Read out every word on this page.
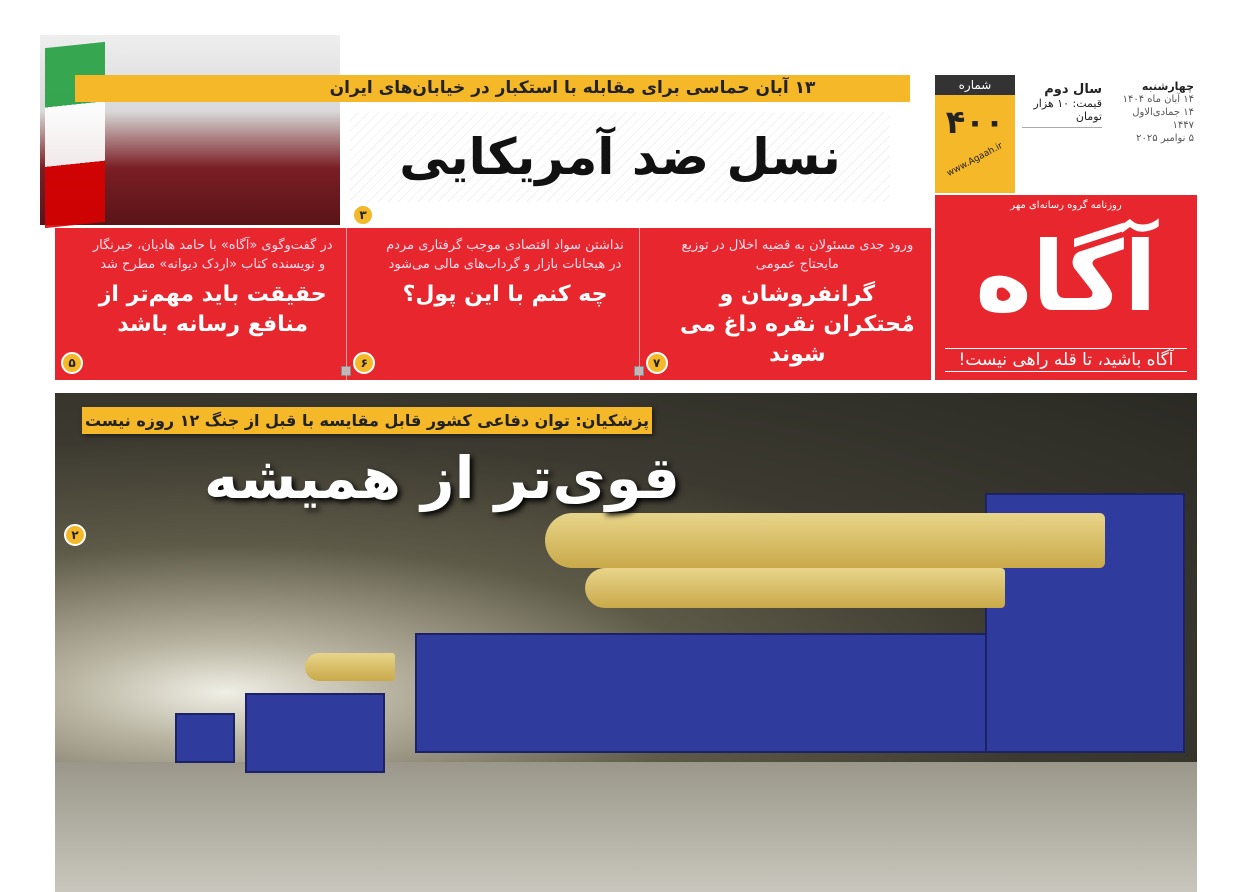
۱۳ آبان حماسی برای مقابله با استکبار در خیابان‌های ایران
نسل ضد آمریکایی
۳
شماره
۴۰۰
www.Agaah.ir
سال دوم
قیمت: ۱۰ هزار تومان
چهارشنبه
۱۴ آبان ماه ۱۴۰۴
۱۴ جمادی‌الاول ۱۴۴۷
۵ نوامبر ۲۰۲۵
روزنامه گروه رسانه‌ای مهر
آگاه
آگاه باشید، تا قله راهی نیست!
ورود جدی مسئولان به قضیه اخلال در توزیع مایحتاج عمومی
گرانفروشان و مُحتکران نقره داغ می شوند
۷
نداشتن سواد اقتصادی موجب گرفتاری مردم در هیجانات بازار و گرداب‌های مالی می‌شود
چه کنم با این پول؟
۶
در گفت‌وگوی «آگاه» با حامد هادیان، خبرنگار و نویسنده کتاب «اردک دیوانه» مطرح شد
حقیقت باید مهم‌تر از منافع رسانه باشد
۵
پزشکیان: توان دفاعی کشور قابل مقایسه با قبل از جنگ ۱۲ روزه نیست
قوی‌تر از همیشه
۲
